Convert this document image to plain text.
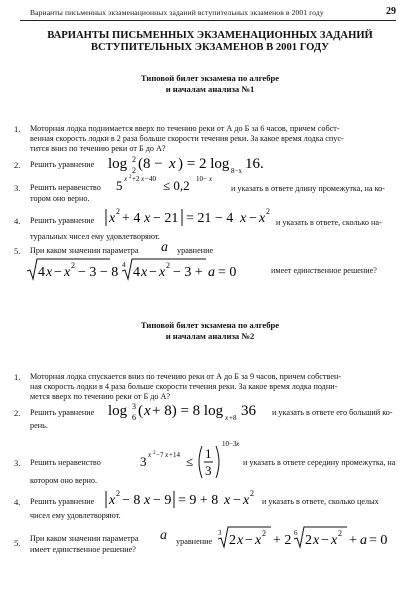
Варианты письменных экзаменационных заданий вступительных экзаменов в 2001 году	29
ВАРИАНТЫ ПИСЬМЕННЫХ ЭКЗАМЕНАЦИОННЫХ ЗАДАНИЙ
ВСТУПИТЕЛЬНЫХ ЭКЗАМЕНОВ В 2001 ГОДУ
Типовой билет экзамена по алгебре
и началам анализа №1
1. Моторная лодка поднимается вверх по течению реки от А до Б за 6 часов, причем собст-
венная скорость лодки в 2 раза больше скорости течения реки. За какое время лодка спус-
тится вниз по течению реки от Б до А?
2. Решить уравнение log 2
2 (8 − x ) = 2 log 8−x 16.
3. Решить неравенство 5 x 2 +2 x −40 ≤ 0,2 10− x
и указать в ответе длину промежутка, на ко-
тором оно верно.
4. Решить уравнение x 2 + 4 x − 21 = 21 − 4 x − x 2
и указать в ответе, сколько на-
туральных чисел ему удовлетворяют.
5. При каком значении параметра a уравнение
4 x − x 2 − 3 − 8 4 4 x − x 2 − 3 + a = 0	имеет единственное решение?
Типовой билет экзамена по алгебре
и началам анализа №2
1. Моторная лодка спускается вниз по течению реки от А до Б за 9 часов, причем собствен-
ная скорость лодки в 4 раза больше скорости течения реки. За какое время лодка подни-
мется вверх по течению реки от Б до А?
2. Решить уравнение log 3
6 ( x + 8) = 8 log x +8 36 и указать в ответе его больший ко-
рень.
3. Решить неравенство	3 x 2 −7 x +14 ≤
1
3
10−3 x
и указать в ответе середину промежутка, на
котором оно верно.
4. Решить уравнение x 2 − 8 x − 9 = 9 + 8 x − x 2
и указать в ответе, сколько целых
чисел ему удовлетворяют.
5. При каком значении параметра a уравнение
3 2 x − x 2 + 2 6 2 x − x 2 + a = 0
имеет единственное решение?
